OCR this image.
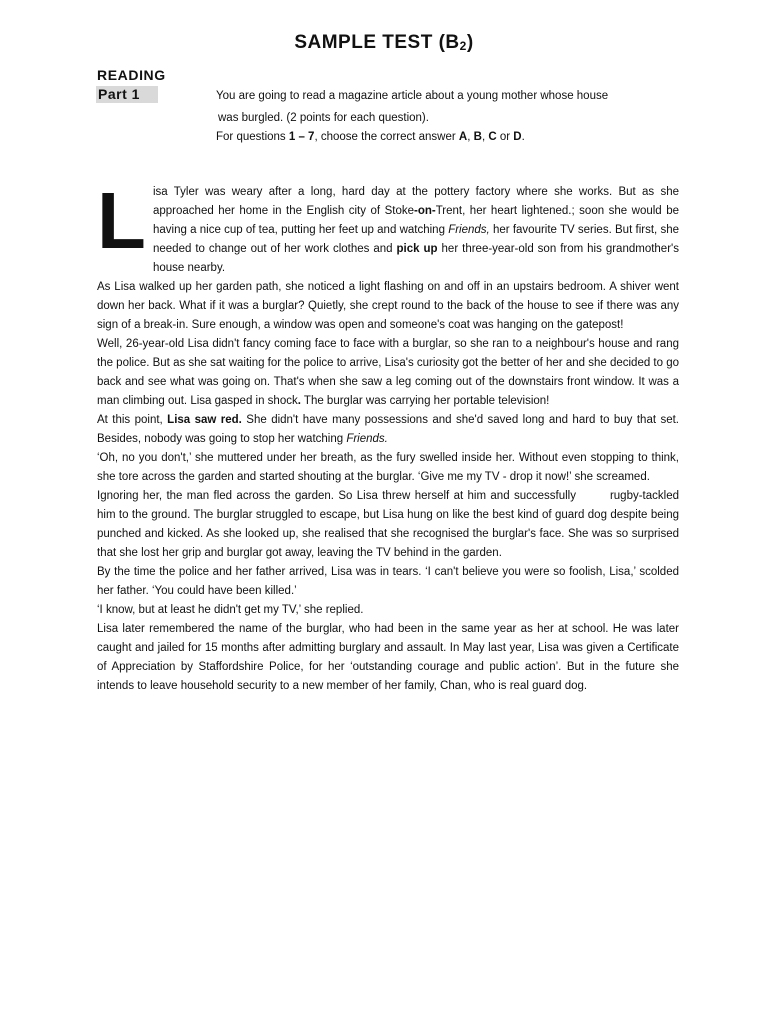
SAMPLE TEST (B2)
READING
Part 1	You are going to read a magazine article about a young mother whose house
was burgled. (2 points for each question).
For questions 1 – 7, choose the correct answer A, B, C or D.
L isa Tyler was weary after a long, hard day at the pottery factory where she works. But as she approached her home in the English city of Stoke-on-Trent, her heart lightened.; soon she would be having a nice cup of tea, putting her feet up and watching Friends, her favourite TV series. But first, she needed to change out of her work clothes and pick up her three-year-old son from his grandmother's house nearby.

As Lisa walked up her garden path, she noticed a light flashing on and off in an upstairs bedroom. A shiver went down her back. What if it was a burglar? Quietly, she crept round to the back of the house to see if there was any sign of a break-in. Sure enough, a window was open and someone's coat was hanging on the gatepost!

Well, 26-year-old Lisa didn't fancy coming face to face with a burglar, so she ran to a neighbour's house and rang the police. But as she sat waiting for the police to arrive, Lisa's curiosity got the better of her and she decided to go back and see what was going on. That's when she saw a leg coming out of the downstairs front window. It was a man climbing out. Lisa gasped in shock. The burglar was carrying her portable television!

At this point, Lisa saw red. She didn't have many possessions and she'd saved long and hard to buy that set. Besides, nobody was going to stop her watching Friends.

‘Oh, no you don't,’ she muttered under her breath, as the fury swelled inside her. Without even stopping to think, she tore across the garden and started shouting at the burglar. ‘Give me my TV - drop it now!’ she screamed.

Ignoring her, the man fled across the garden. So Lisa threw herself at him and successfully	rugby-tackled him to the ground. The burglar struggled to escape, but Lisa hung on like the best kind of guard dog despite being punched and kicked. As she looked up, she realised that she recognised the burglar's face. She was so surprised that she lost her grip and burglar got away, leaving the TV behind in the garden.

By the time the police and her father arrived, Lisa was in tears. ‘I can't believe you were so foolish, Lisa,’ scolded her father. ‘You could have been killed.’

‘I know, but at least he didn't get my TV,’ she replied.

Lisa later remembered the name of the burglar, who had been in the same year as her at school. He was later caught and jailed for 15 months after admitting burglary and assault. In May last year, Lisa was given a Certificate of Appreciation by Staffordshire Police, for her ‘outstanding courage and public action’. But in the future she intends to leave household security to a new member of her family, Chan, who is real guard dog.
